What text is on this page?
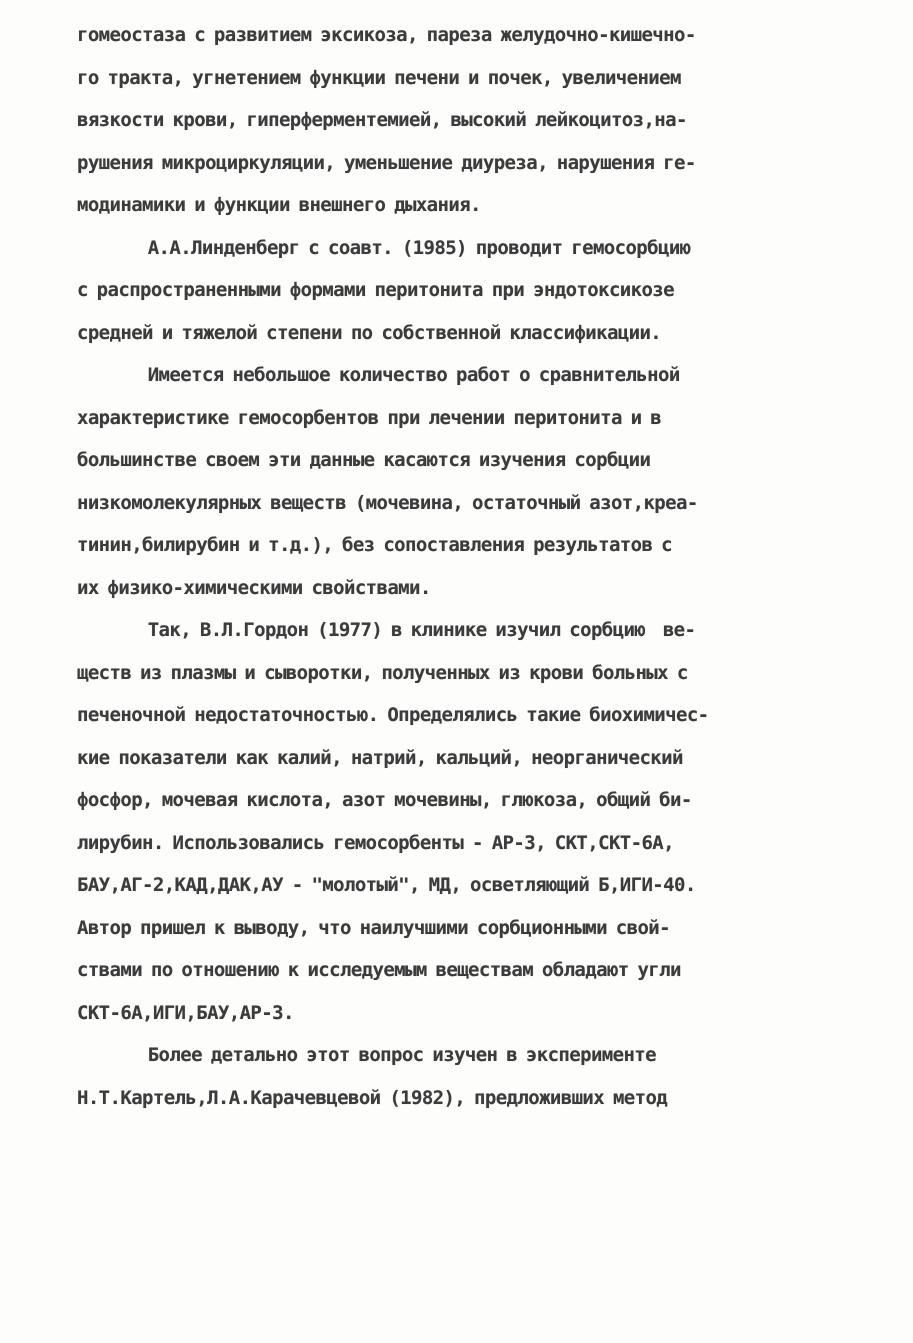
гомеостаза с развитием эксикоза, пареза желудочно-кишечно-
го тракта, угнетением функции печени и почек, увеличением
вязкости крови, гиперферментемией, высокий лейкоцитоз,на-
рушения микроциркуляции, уменьшение диуреза, нарушения ге-
модинамики и функции внешнего дыхания.
А.А.Линденберг с соавт. (1985) проводит гемосорбцию
с распространенными формами перитонита при эндотоксикозе
средней и тяжелой степени по собственной классификации.
Имеется небольшое количество работ о сравнительной
характеристике гемосорбентов при лечении перитонита и в
большинстве своем эти данные касаются изучения сорбции
низкомолекулярных веществ (мочевина, остаточный азот,креа-
тинин,билирубин и т.д.), без сопоставления результатов с
их физико-химическими свойствами.
Так, В.Л.Гордон (1977) в клинике изучил сорбцию  ве-
ществ из плазмы и сыворотки, полученных из крови больных с
печеночной недостаточностью. Определялись такие биохимичес-
кие показатели как калий, натрий, кальций, неорганический
фосфор, мочевая кислота, азот мочевины, глюкоза, общий би-
лирубин. Использовались гемосорбенты - АР-3, СКТ,СКТ-6А,
БАУ,АГ-2,КАД,ДАК,АУ - "молотый", МД, осветляющий Б,ИГИ-40.
Автор пришел к выводу, что наилучшими сорбционными свой-
ствами по отношению к исследуемым веществам обладают угли
СКТ-6А,ИГИ,БАУ,АР-3.
Более детально этот вопрос изучен в эксперименте
Н.Т.Картель,Л.А.Карачевцевой (1982), предложивших метод
